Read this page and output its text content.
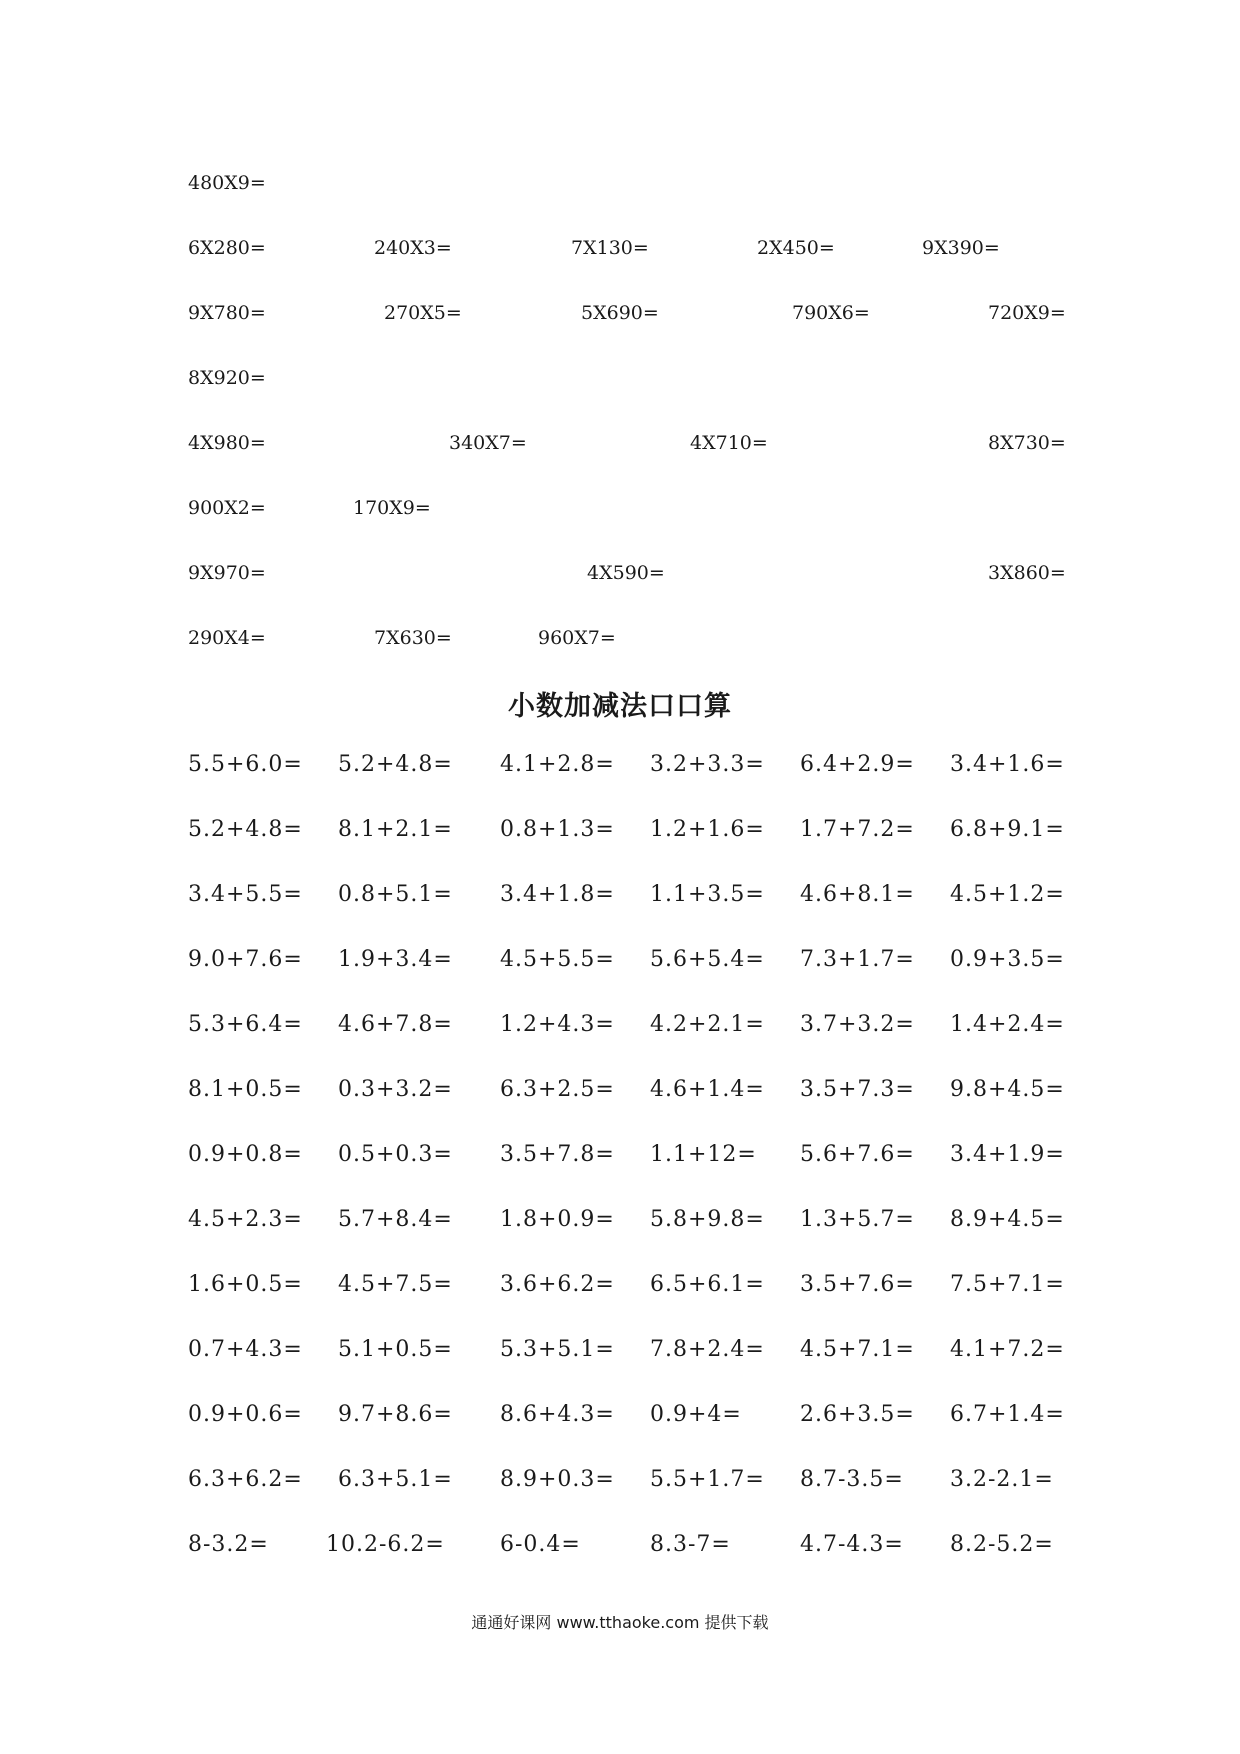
480X9=
6X280=	240X3=	7X130=	2X450=	9X390=
9X780=	270X5=	5X690=	790X6=	720X9=
8X920=
4X980=	340X7=	4X710=	8X730=
900X2=	170X9=
9X970=	4X590=	3X860=
290X4=	7X630=	960X7=
小数加减法口口算
5.5+6.0= 5.2+4.8= 4.1+2.8= 3.2+3.3= 6.4+2.9= 3.4+1.6=
5.2+4.8= 8.1+2.1= 0.8+1.3= 1.2+1.6= 1.7+7.2= 6.8+9.1=
3.4+5.5= 0.8+5.1= 3.4+1.8= 1.1+3.5= 4.6+8.1= 4.5+1.2=
9.0+7.6= 1.9+3.4= 4.5+5.5= 5.6+5.4= 7.3+1.7= 0.9+3.5=
5.3+6.4= 4.6+7.8= 1.2+4.3= 4.2+2.1= 3.7+3.2= 1.4+2.4=
8.1+0.5= 0.3+3.2= 6.3+2.5= 4.6+1.4= 3.5+7.3= 9.8+4.5=
0.9+0.8= 0.5+0.3= 3.5+7.8= 1.1+12= 5.6+7.6= 3.4+1.9=
4.5+2.3= 5.7+8.4= 1.8+0.9= 5.8+9.8= 1.3+5.7= 8.9+4.5=
1.6+0.5= 4.5+7.5= 3.6+6.2= 6.5+6.1= 3.5+7.6= 7.5+7.1=
0.7+4.3= 5.1+0.5= 5.3+5.1= 7.8+2.4= 4.5+7.1= 4.1+7.2=
0.9+0.6= 9.7+8.6= 8.6+4.3= 0.9+4=	2.6+3.5= 6.7+1.4=
6.3+6.2= 6.3+5.1= 8.9+0.3= 5.5+1.7= 8.7-3.5= 3.2-2.1=
8-3.2=	10.2-6.2=	6-0.4=	8.3-7=	4.7-4.3= 8.2-5.2=
通通好课网 www.tthaoke.com 提供下载
